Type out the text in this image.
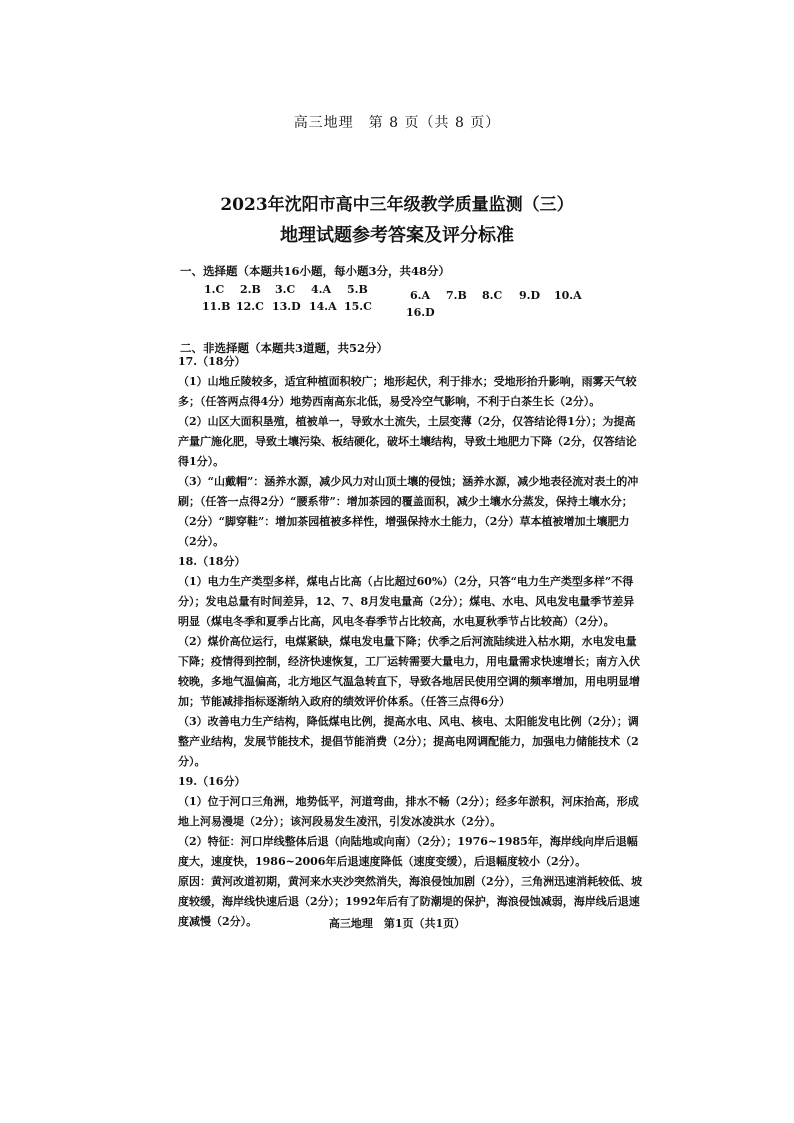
高三地理　第 8 页（共 8 页）
2023年沈阳市高中三年级教学质量监测（三）
地理试题参考答案及评分标准
一、选择题（本题共16小题，每小题3分，共48分）
1.C 2.B 3.C 4.A 5.B	6.A 7.B 8.C 9.D 10.A
11.B 12.C 13.D 14.A 15.C	16.D
二、非选择题（本题共3道题，共52分）

17.（18分）

（1）山地丘陵较多，适宜种植面积较广；地形起伏，利于排水；受地形抬升影响，雨雾天气较多；（任答两点得4分）地势西南高东北低，易受冷空气影响，不利于白茶生长（2分）。

（2）山区大面积垦殖，植被单一，导致水土流失，土层变薄（2分，仅答结论得1分）；为提高产量广施化肥，导致土壤污染、板结硬化，破坏土壤结构，导致土地肥力下降（2分，仅答结论得1分）。

（3）“山戴帽”：涵养水源，减少风力对山顶土壤的侵蚀；涵养水源，减少地表径流对表土的冲刷；（任答一点得2分）“腰系带”：增加茶园的覆盖面积，减少土壤水分蒸发，保持土壤水分；（2分）“脚穿鞋”：增加茶园植被多样性，增强保持水土能力，（2分）草本植被增加土壤肥力（2分）。

18.（18分）

（1）电力生产类型多样，煤电占比高（占比超过60%）（2分，只答“电力生产类型多样”不得分）；发电总量有时间差异，12、7、8月发电量高（2分）；煤电、水电、风电发电量季节差异明显（煤电冬季和夏季占比高，风电冬春季节占比较高，水电夏秋季节占比较高）（2分）。

（2）煤价高位运行，电煤紧缺，煤电发电量下降；伏季之后河流陆续进入枯水期，水电发电量下降；疫情得到控制，经济快速恢复，工厂运转需要大量电力，用电量需求快速增长；南方入伏较晚，多地气温偏高，北方地区气温急转直下，导致各地居民使用空调的频率增加，用电明显增加；节能减排指标逐渐纳入政府的绩效评价体系。（任答三点得6分）

（3）改善电力生产结构，降低煤电比例，提高水电、风电、核电、太阳能发电比例（2分）；调整产业结构，发展节能技术，提倡节能消费（2分）；提高电网调配能力，加强电力储能技术（2分）。

19.（16分）

（1）位于河口三角洲，地势低平，河道弯曲，排水不畅（2分）；经多年淤积，河床抬高，形成地上河易漫堤（2分）；该河段易发生凌汛，引发冰凌洪水（2分）。

（2）特征：河口岸线整体后退（向陆地或向南）（2分）；1976~1985年，海岸线向岸后退幅度大，速度快，1986~2006年后退速度降低（速度变缓），后退幅度较小（2分）。

原因：黄河改道初期，黄河来水夹沙突然消失，海浪侵蚀加剧（2分），三角洲迅速消耗较低、坡度较缓，海岸线快速后退（2分）；1992年后有了防潮堤的保护，海浪侵蚀减弱，海岸线后退速度减慢（2分）。	高三地理　第1页（共1页）
